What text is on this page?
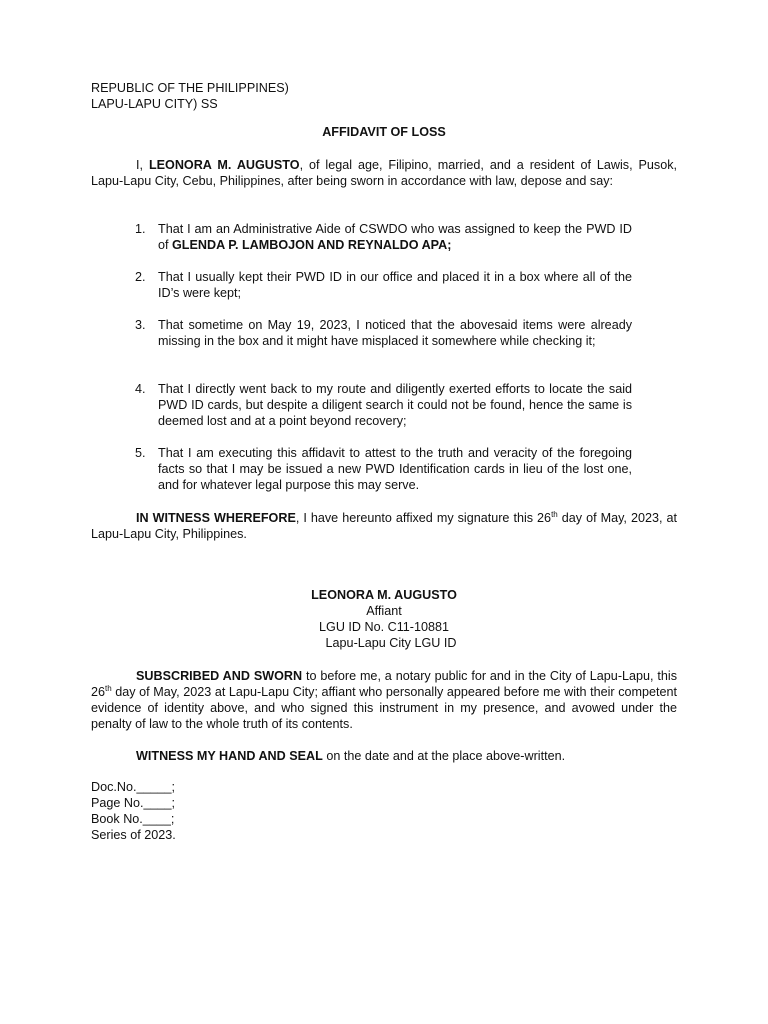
REPUBLIC OF THE PHILIPPINES)
LAPU-LAPU CITY) SS
AFFIDAVIT OF LOSS
I, LEONORA M. AUGUSTO, of legal age, Filipino, married, and a resident of Lawis, Pusok, Lapu-Lapu City, Cebu, Philippines, after being sworn in accordance with law, depose and say:
1. That I am an Administrative Aide of CSWDO who was assigned to keep the PWD ID of GLENDA P. LAMBOJON AND REYNALDO APA;
2. That I usually kept their PWD ID in our office and placed it in a box where all of the ID’s were kept;
3. That sometime on May 19, 2023, I noticed that the abovesaid items were already missing in the box and it might have misplaced it somewhere while checking it;
4. That I directly went back to my route and diligently exerted efforts to locate the said PWD ID cards, but despite a diligent search it could not be found, hence the same is deemed lost and at a point beyond recovery;
5. That I am executing this affidavit to attest to the truth and veracity of the foregoing facts so that I may be issued a new PWD Identification cards in lieu of the lost one, and for whatever legal purpose this may serve.
IN WITNESS WHEREFORE, I have hereunto affixed my signature this 26th day of May, 2023, at Lapu-Lapu City, Philippines.
LEONORA M. AUGUSTO
Affiant
LGU ID No. C11-10881
Lapu-Lapu City LGU ID
SUBSCRIBED AND SWORN to before me, a notary public for and in the City of Lapu-Lapu, this 26th day of May, 2023 at Lapu-Lapu City; affiant who personally appeared before me with their competent evidence of identity above, and who signed this instrument in my presence, and avowed under the penalty of law to the whole truth of its contents.
WITNESS MY HAND AND SEAL on the date and at the place above-written.
Doc.No._____;
Page No.____;
Book No.____;
Series of 2023.
